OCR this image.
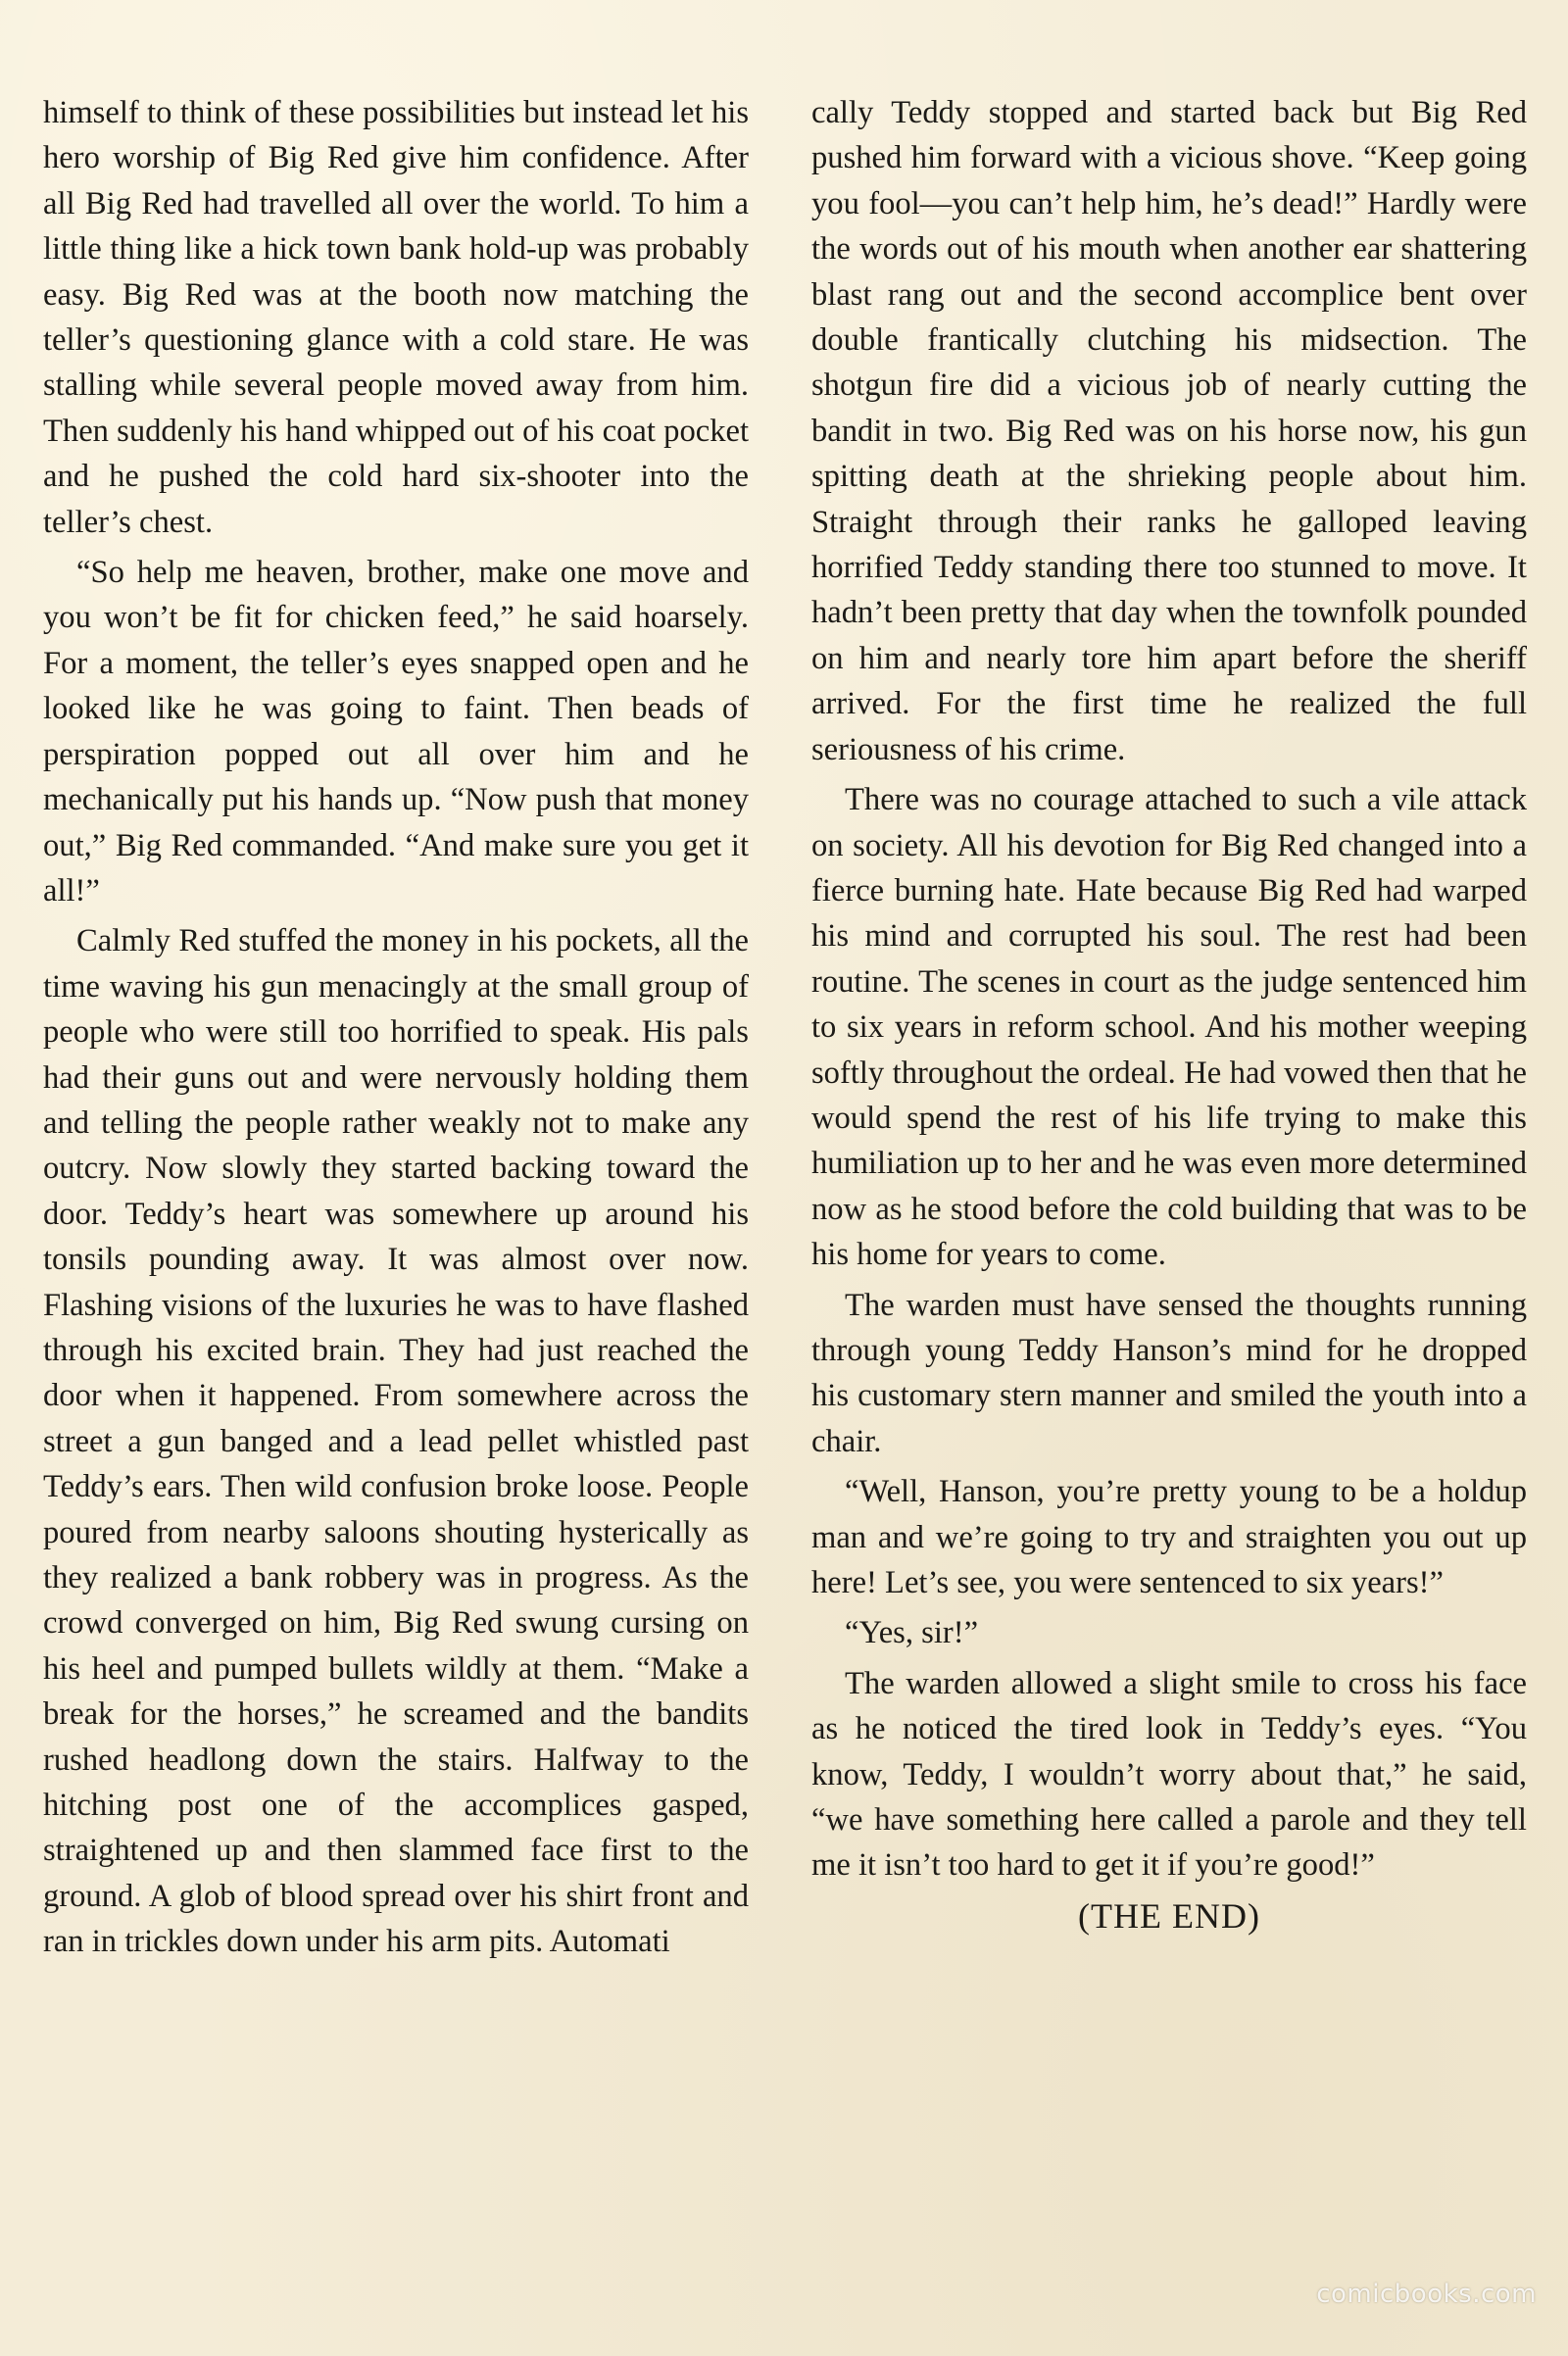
himself to think of these possibilities but instead let his hero worship of Big Red give him confidence. After all Big Red had travelled all over the world. To him a little thing like a hick town bank hold-up was probably easy. Big Red was at the booth now matching the teller’s questioning glance with a cold stare. He was stalling while several people moved away from him. Then suddenly his hand whipped out of his coat pocket and he pushed the cold hard six-shooter into the teller’s chest.

“So help me heaven, brother, make one move and you won’t be fit for chicken feed,” he said hoarsely. For a moment, the teller’s eyes snapped open and he looked like he was going to faint. Then beads of perspiration popped out all over him and he mechanically put his hands up. “Now push that money out,” Big Red commanded. “And make sure you get it all!”

Calmly Red stuffed the money in his pockets, all the time waving his gun menacingly at the small group of people who were still too horrified to speak. His pals had their guns out and were nervously holding them and telling the people rather weakly not to make any outcry. Now slowly they started backing toward the door. Teddy’s heart was somewhere up around his tonsils pounding away. It was almost over now. Flashing visions of the luxuries he was to have flashed through his excited brain. They had just reached the door when it happened. From somewhere across the street a gun banged and a lead pellet whistled past Teddy’s ears. Then wild confusion broke loose. People poured from nearby saloons shouting hysterically as they realized a bank robbery was in progress. As the crowd converged on him, Big Red swung cursing on his heel and pumped bullets wildly at them. “Make a break for the horses,” he screamed and the bandits rushed headlong down the stairs. Halfway to the hitching post one of the accomplices gasped, straightened up and then slammed face first to the ground. A glob of blood spread over his shirt front and ran in trickles down under his arm pits. Automati

cally Teddy stopped and started back but Big Red pushed him forward with a vicious shove. “Keep going you fool—you can’t help him, he’s dead!” Hardly were the words out of his mouth when another ear shattering blast rang out and the second accomplice bent over double frantically clutching his midsection. The shotgun fire did a vicious job of nearly cutting the bandit in two. Big Red was on his horse now, his gun spitting death at the shrieking people about him. Straight through their ranks he galloped leaving horrified Teddy standing there too stunned to move. It hadn’t been pretty that day when the townfolk pounded on him and nearly tore him apart before the sheriff arrived. For the first time he realized the full seriousness of his crime.

There was no courage attached to such a vile attack on society. All his devotion for Big Red changed into a fierce burning hate. Hate because Big Red had warped his mind and corrupted his soul. The rest had been routine. The scenes in court as the judge sentenced him to six years in reform school. And his mother weeping softly throughout the ordeal. He had vowed then that he would spend the rest of his life trying to make this humiliation up to her and he was even more determined now as he stood before the cold building that was to be his home for years to come.

The warden must have sensed the thoughts running through young Teddy Hanson’s mind for he dropped his customary stern manner and smiled the youth into a chair.

“Well, Hanson, you’re pretty young to be a holdup man and we’re going to try and straighten you out up here! Let’s see, you were sentenced to six years!”

“Yes, sir!”

The warden allowed a slight smile to cross his face as he noticed the tired look in Teddy’s eyes. “You know, Teddy, I wouldn’t worry about that,” he said, “we have something here called a parole and they tell me it isn’t too hard to get it if you’re good!”

(THE END)

comicbooks.com
